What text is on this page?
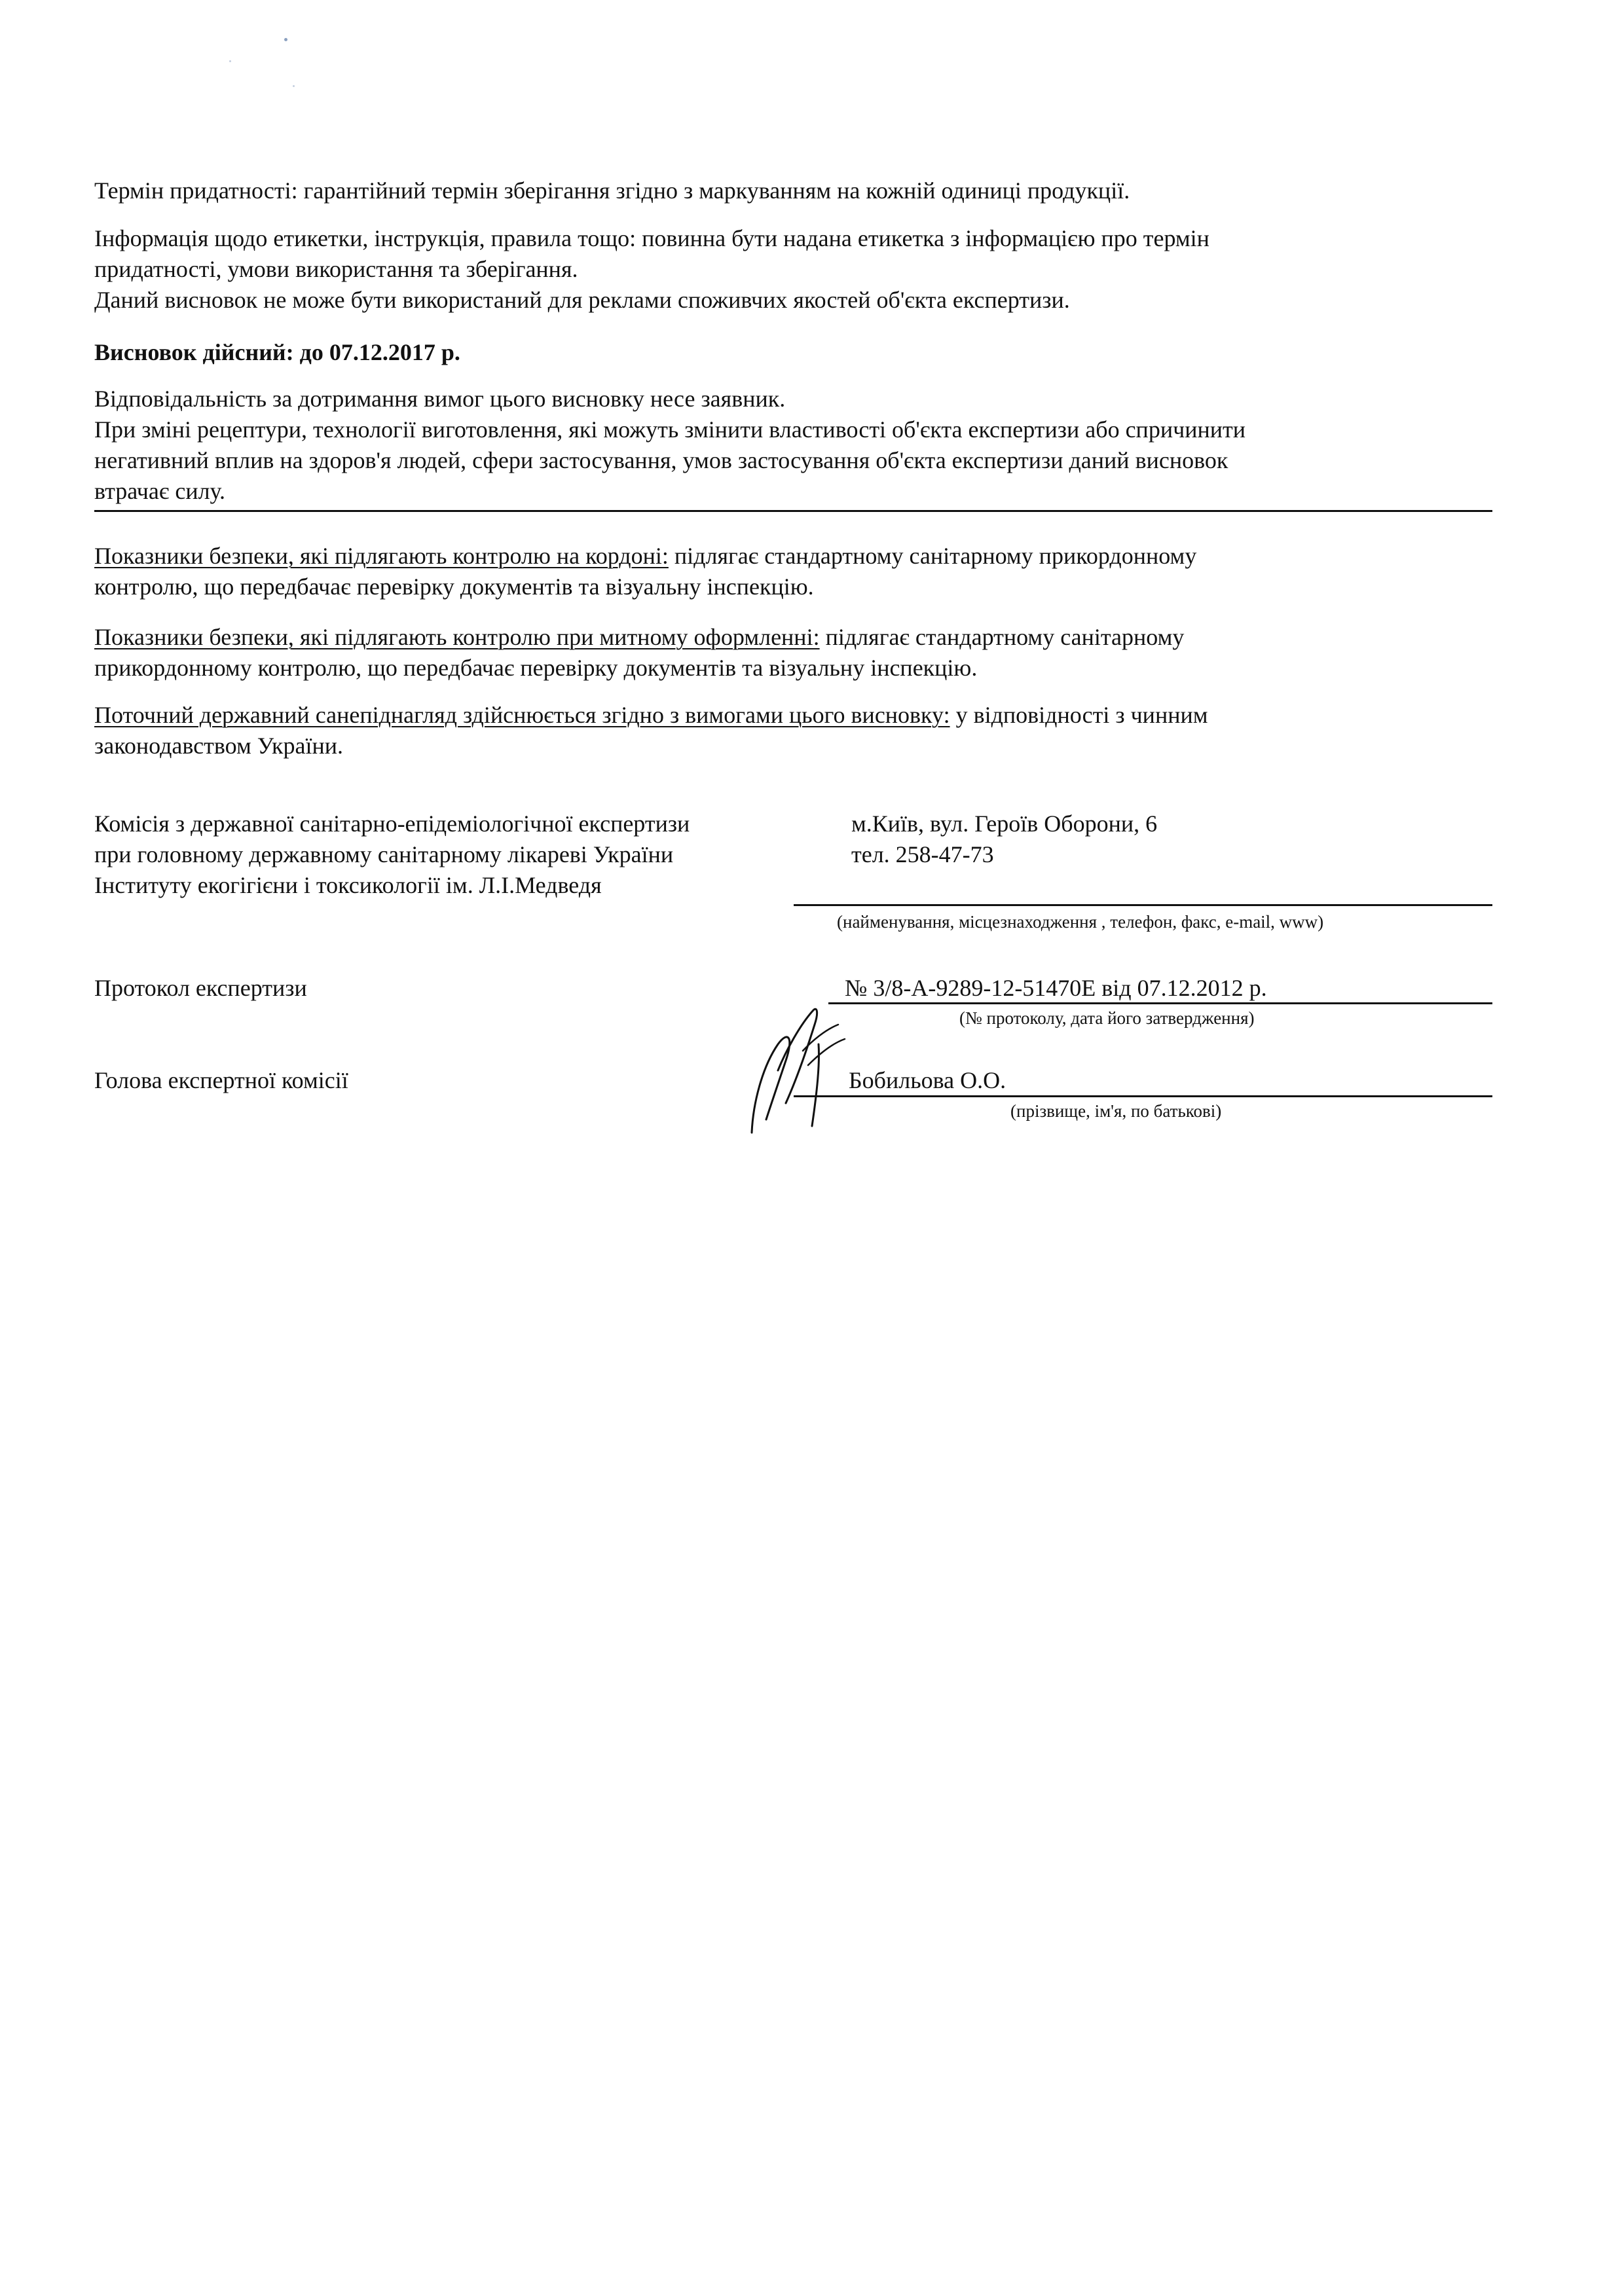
Термін придатності: гарантійний термін зберігання згідно з маркуванням на кожній одиниці продукції.

Інформація щодо етикетки, інструкція, правила тощо: повинна бути надана етикетка з інформацією про термін
придатності, умови використання та зберігання.
Даний висновок не може бути використаний для реклами споживчих якостей об'єкта експертизи.

Висновок дійсний: до 07.12.2017 р.

Відповідальність за дотримання вимог цього висновку несе заявник.
При зміні рецептури, технології виготовлення, які можуть змінити властивості об'єкта експертизи або спричинити
негативний вплив на здоров'я людей, сфери застосування, умов застосування об'єкта експертизи даний висновок
втрачає силу.

Показники безпеки, які підлягають контролю на кордоні: підлягає стандартному санітарному прикордонному
контролю, що передбачає перевірку документів та візуальну інспекцію.

Показники безпеки, які підлягають контролю при митному оформленні: підлягає стандартному санітарному
прикордонному контролю, що передбачає перевірку документів та візуальну інспекцію.

Поточний державний санепіднагляд здійснюється згідно з вимогами цього висновку: у відповідності з чинним
законодавством України.

Комісія з державної санітарно-епідеміологічної експертизи
при головному державному санітарному лікареві України
Інституту екогігієни і токсикології ім. Л.І.Медведя

м.Київ, вул. Героїв Оборони, 6
тел. 258-47-73
(найменування, місцезнаходження , телефон, факс, e-mail, www)
Протокол експертизи	№ 3/8-А-9289-12-51470Е від 07.12.2012 р.
(№ протоколу, дата його затвердження)
Голова експертної комісії	Бобильова О.О.
(прізвище, ім'я, по батькові)
